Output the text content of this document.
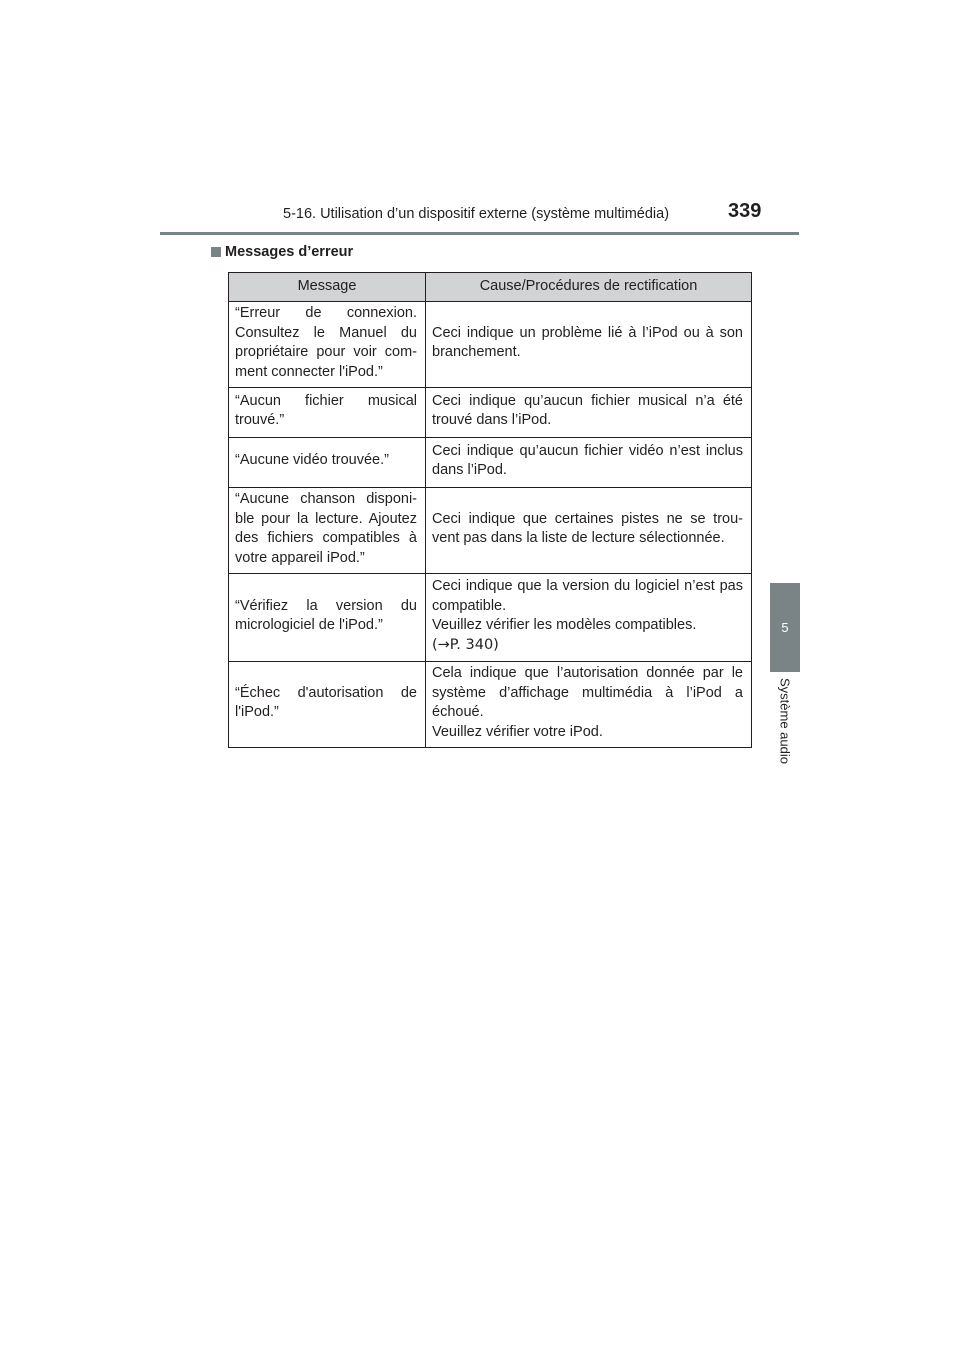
5-16. Utilisation d’un dispositif externe (système multimédia)	339
5
Système audio
Messages d’erreur
Message	Cause/Procédures de rectification
“Erreur de connexion. Consultez le Manuel du propriétaire pour voir com-ment connecter l'iPod.”	Ceci indique un problème lié à l’iPod ou à son branchement.

“Aucun fichier musical trouvé.”	Ceci indique qu’aucun fichier musical n’a été trouvé dans l’iPod.

“Aucune vidéo trouvée.”	Ceci indique qu’aucun fichier vidéo n’est inclus dans l’iPod.

“Aucune chanson disponi-ble pour la lecture. Ajoutez des fichiers compatibles à votre appareil iPod.”	Ceci indique que certaines pistes ne se trou-vent pas dans la liste de lecture sélectionnée.

“Vérifiez la version du micrologiciel de l'iPod.”	Ceci indique que la version du logiciel n’est pas compatible.
Veuillez vérifier les modèles compatibles.
(→P. 340)

“Échec d'autorisation de l'iPod.”	Cela indique que l’autorisation donnée par le système d’affichage multimédia à l’iPod a échoué.
Veuillez vérifier votre iPod.
